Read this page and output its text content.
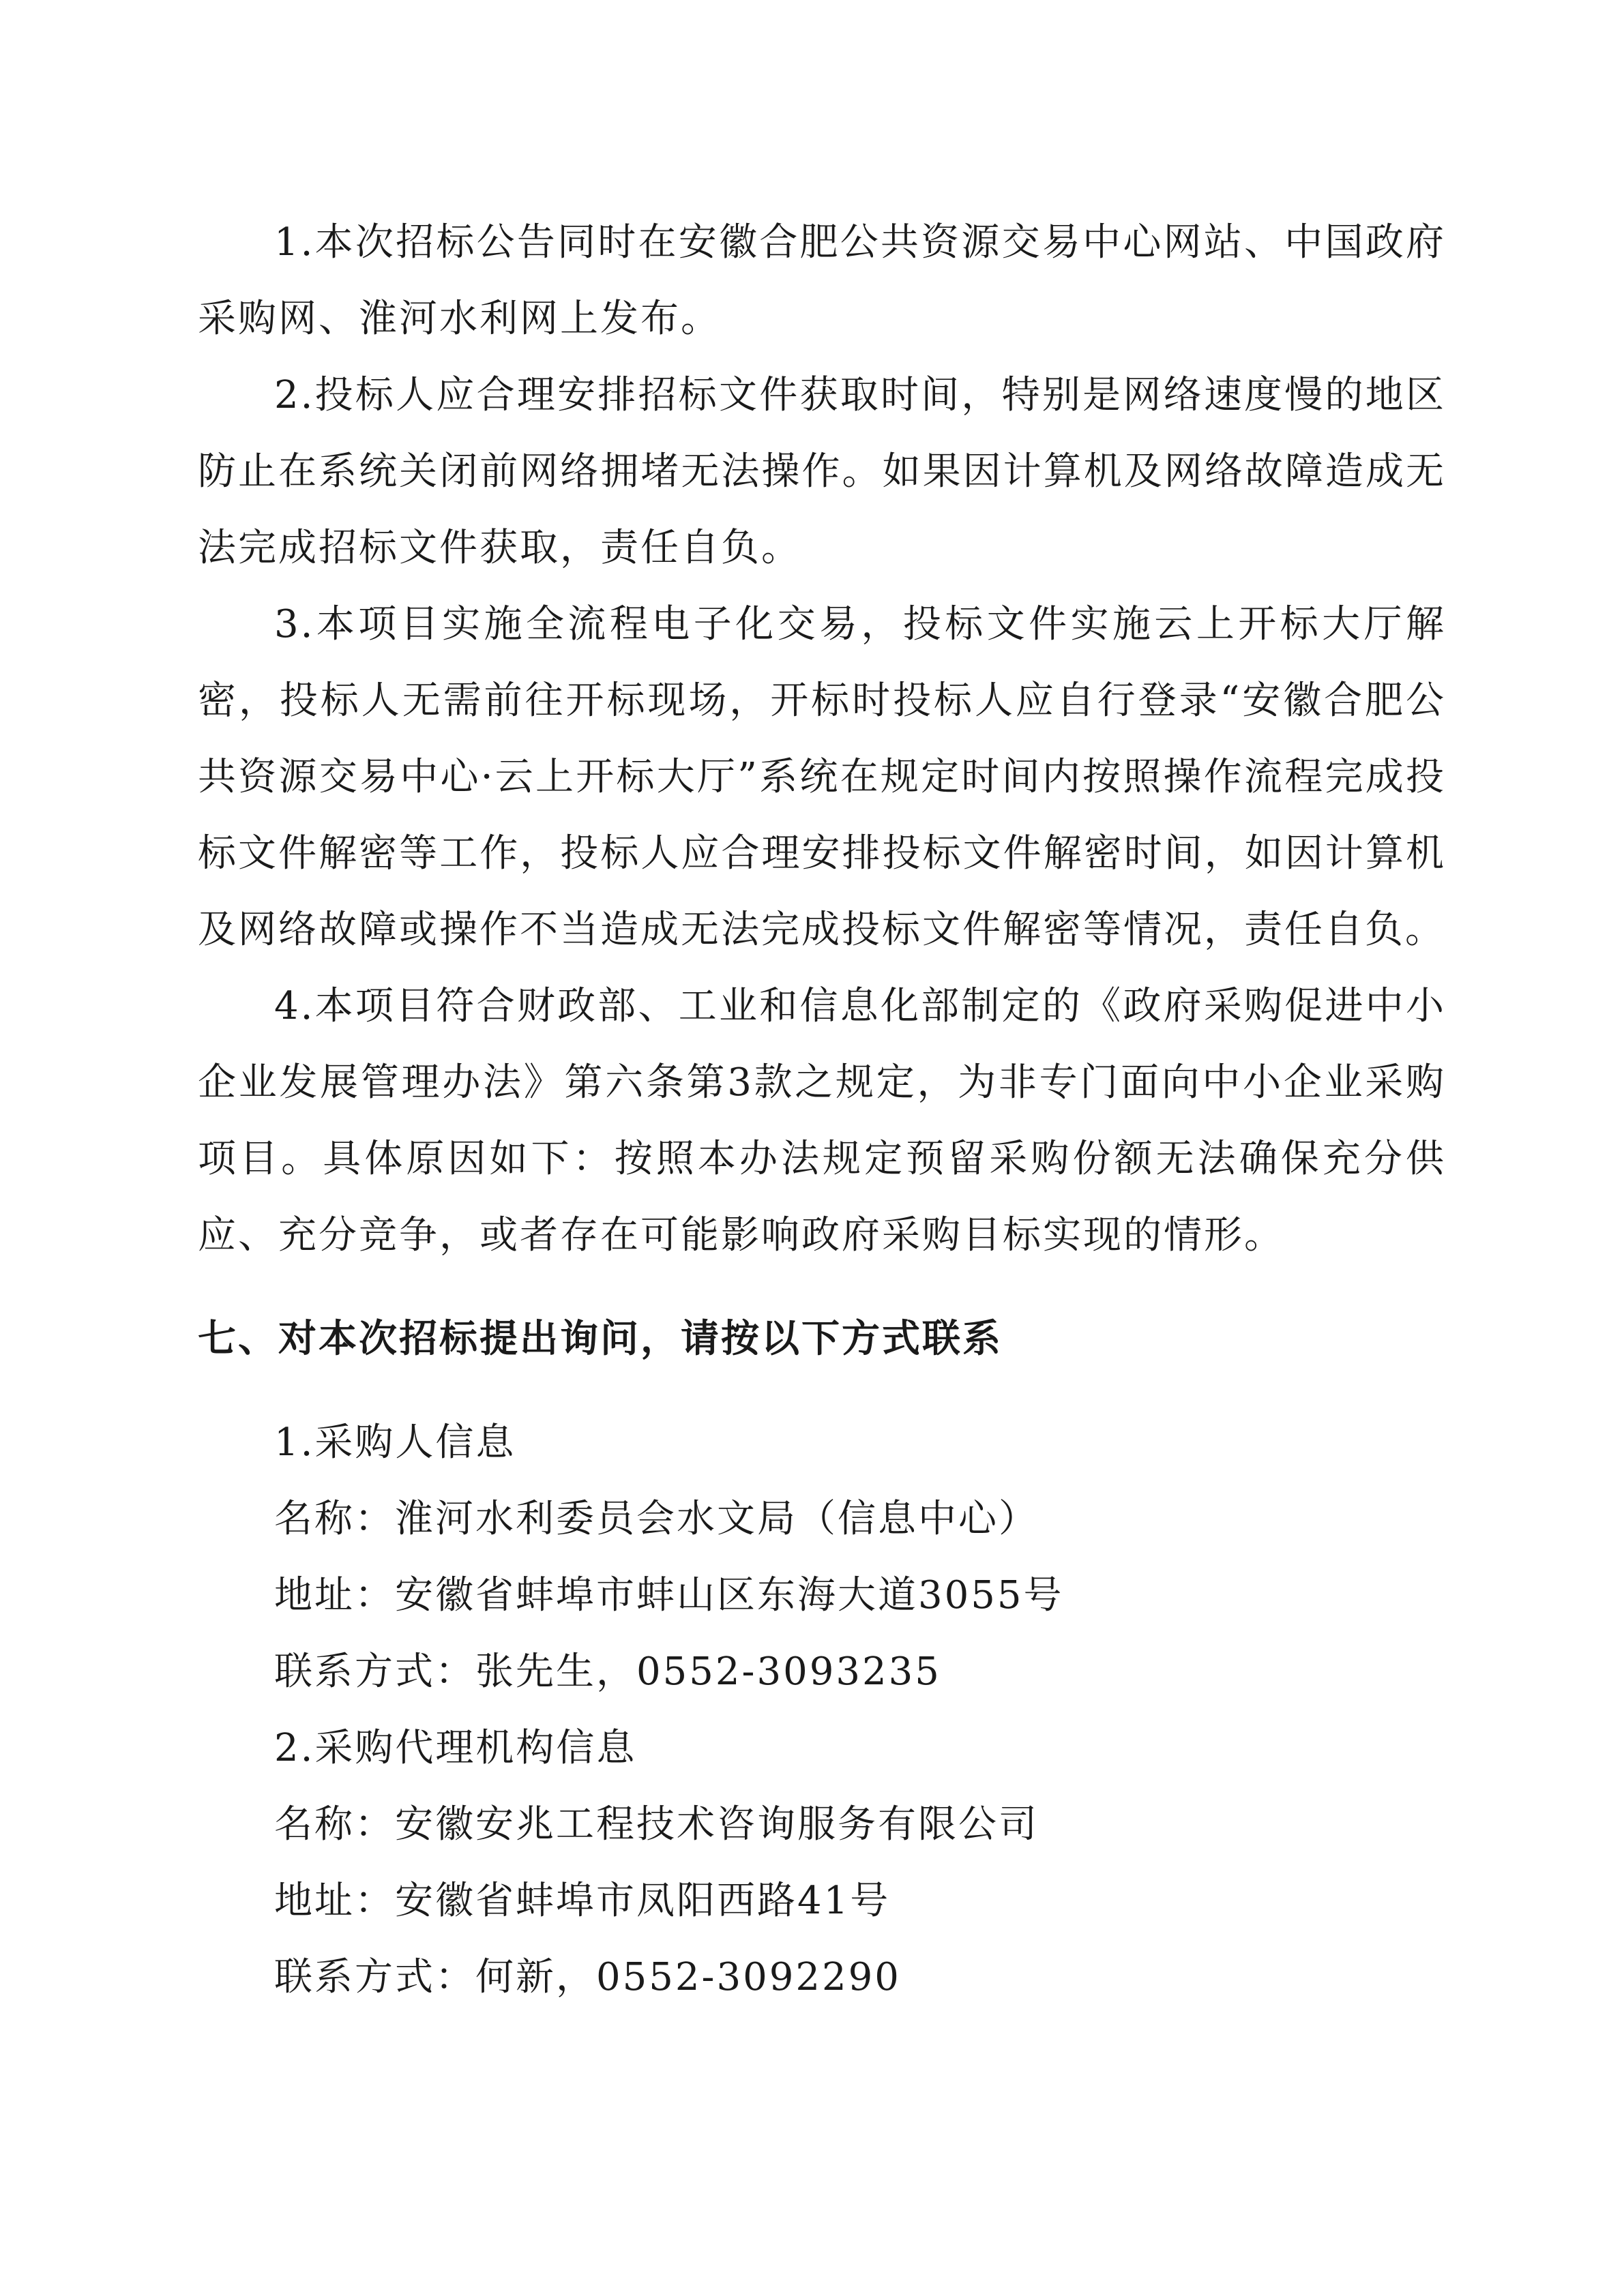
1.本次招标公告同时在安徽合肥公共资源交易中心网站、中国政府采购网、淮河水利网上发布。

2.投标人应合理安排招标文件获取时间，特别是网络速度慢的地区防止在系统关闭前网络拥堵无法操作。如果因计算机及网络故障造成无法完成招标文件获取，责任自负。

3.本项目实施全流程电子化交易，投标文件实施云上开标大厅解密，投标人无需前往开标现场，开标时投标人应自行登录“安徽合肥公共资源交易中心·云上开标大厅”系统在规定时间内按照操作流程完成投标文件解密等工作，投标人应合理安排投标文件解密时间，如因计算机及网络故障或操作不当造成无法完成投标文件解密等情况，责任自负。

4.本项目符合财政部、工业和信息化部制定的《政府采购促进中小企业发展管理办法》第六条第3款之规定，为非专门面向中小企业采购项目。具体原因如下：按照本办法规定预留采购份额无法确保充分供应、充分竞争，或者存在可能影响政府采购目标实现的情形。

七、对本次招标提出询问，请按以下方式联系

1.采购人信息

名称：淮河水利委员会水文局（信息中心）

地址：安徽省蚌埠市蚌山区东海大道3055号

联系方式：张先生，0552-3093235

2.采购代理机构信息

名称：安徽安兆工程技术咨询服务有限公司

地址：安徽省蚌埠市凤阳西路41号

联系方式：何新，0552-3092290
